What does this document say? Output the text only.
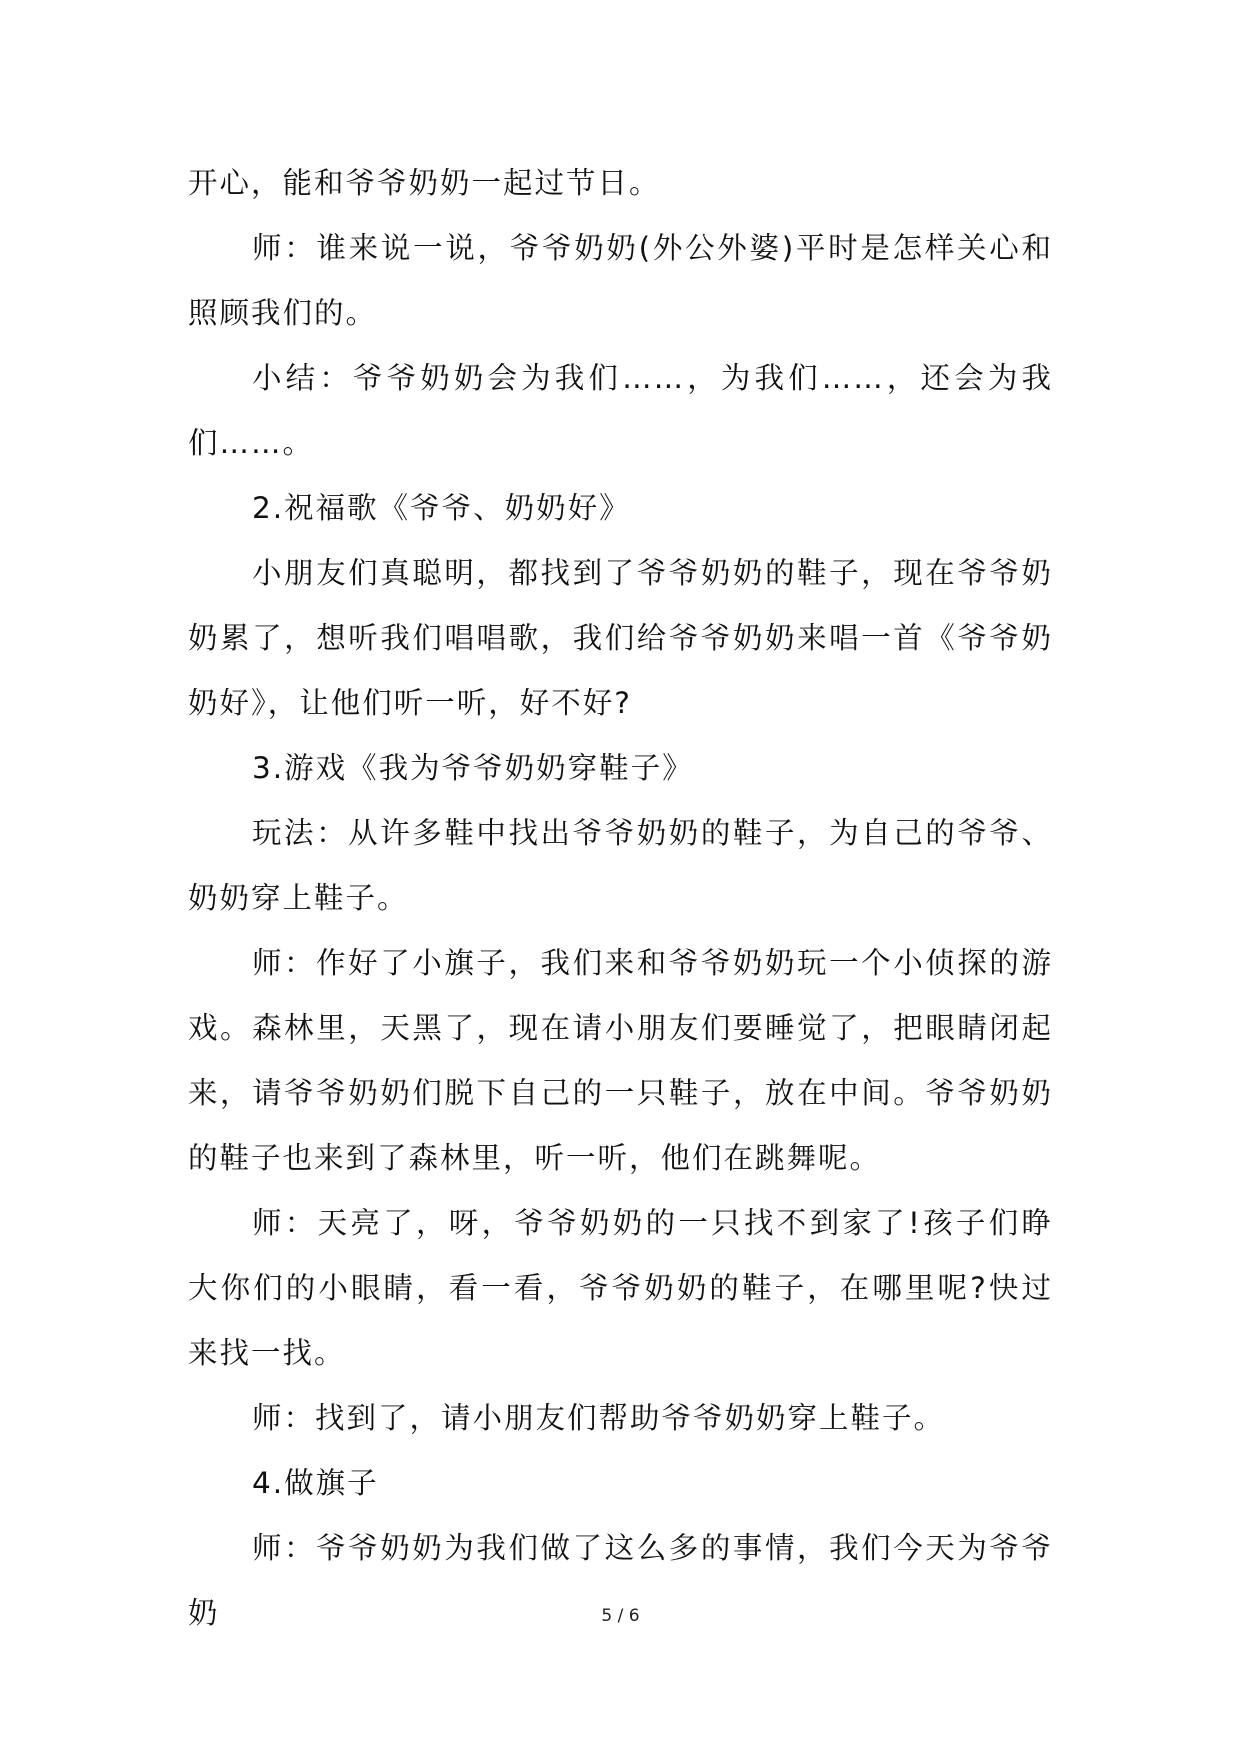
开心，能和爷爷奶奶一起过节日。

师：谁来说一说，爷爷奶奶(外公外婆)平时是怎样关心和照顾我们的。

小结：爷爷奶奶会为我们……，为我们……，还会为我们……。

2.祝福歌《爷爷、奶奶好》

小朋友们真聪明，都找到了爷爷奶奶的鞋子，现在爷爷奶奶累了，想听我们唱唱歌，我们给爷爷奶奶来唱一首《爷爷奶奶好》，让他们听一听，好不好?

3.游戏《我为爷爷奶奶穿鞋子》

玩法：从许多鞋中找出爷爷奶奶的鞋子，为自己的爷爷、奶奶穿上鞋子。

师：作好了小旗子，我们来和爷爷奶奶玩一个小侦探的游戏。森林里，天黑了，现在请小朋友们要睡觉了，把眼睛闭起来，请爷爷奶奶们脱下自己的一只鞋子，放在中间。爷爷奶奶的鞋子也来到了森林里，听一听，他们在跳舞呢。

师：天亮了，呀，爷爷奶奶的一只找不到家了!孩子们睁大你们的小眼睛，看一看，爷爷奶奶的鞋子，在哪里呢?快过来找一找。

师：找到了，请小朋友们帮助爷爷奶奶穿上鞋子。

4.做旗子

师：爷爷奶奶为我们做了这么多的事情，我们今天为爷爷奶	5 / 6
